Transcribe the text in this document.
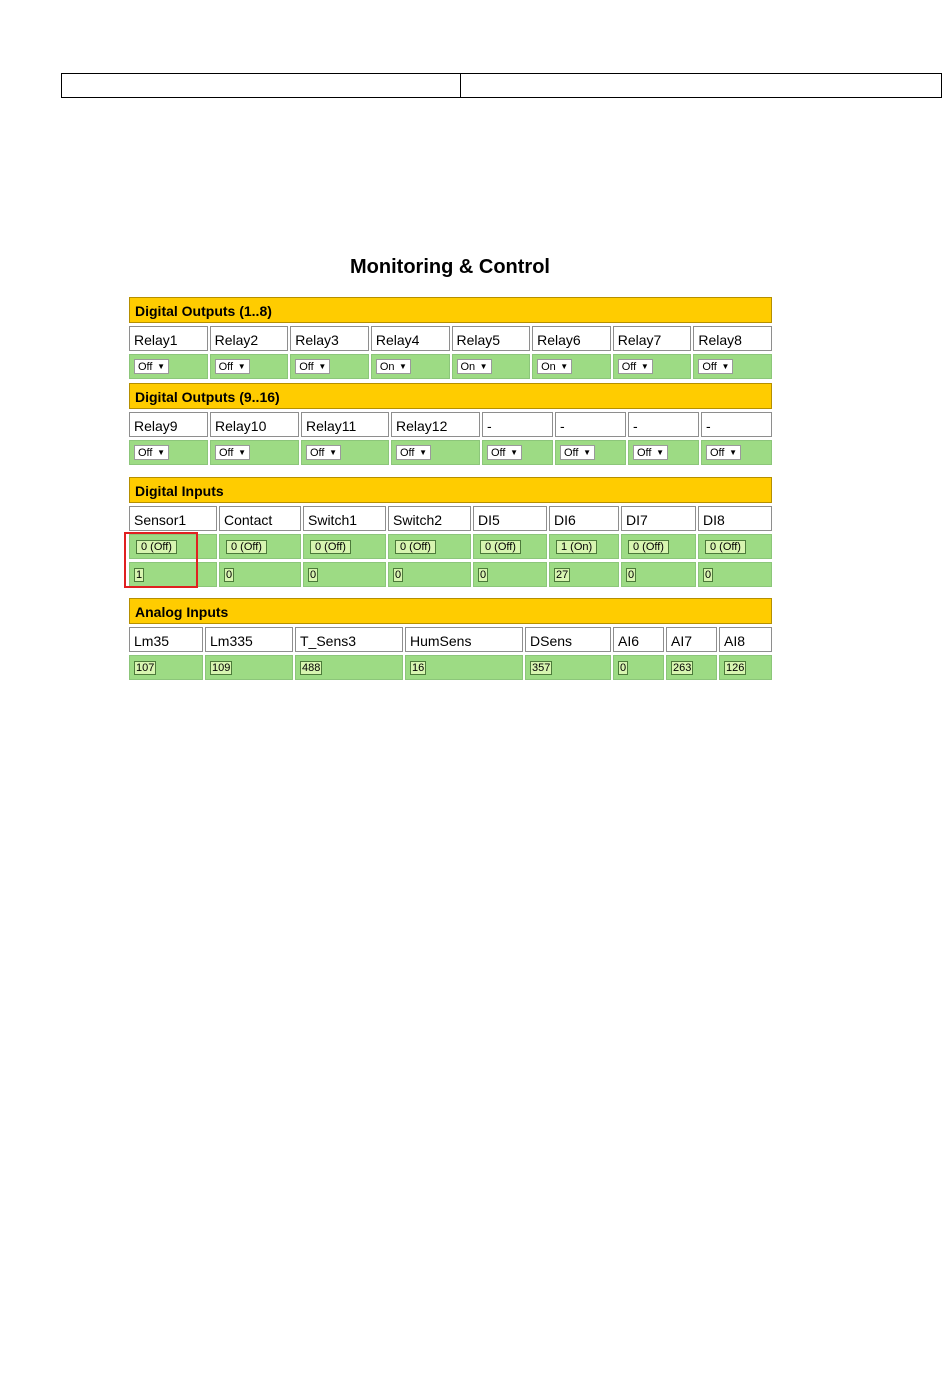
Monitoring & Control
Digital Outputs (1..8)
Relay1	Relay2	Relay3	Relay4	Relay5	Relay6	Relay7	Relay8
Off ▼	Off ▼	Off ▼	On ▼	On ▼	On ▼	Off ▼	Off ▼
Digital Outputs (9..16)
Relay9	Relay10	Relay11	Relay12	-	-	-	-
Off ▼	Off ▼	Off ▼	Off ▼	Off ▼	Off ▼	Off ▼	Off ▼
Digital Inputs
Sensor1	Contact	Switch1	Switch2	DI5	DI6	DI7	DI8
0 (Off)	0 (Off)	0 (Off)	0 (Off)	0 (Off)	1 (On)	0 (Off)	0 (Off)
1	0	0	0	0	27	0	0
Analog Inputs
Lm35	Lm335	T_Sens3	HumSens	DSens	AI6	AI7	AI8
107	109	488	16	357	0	263	126
